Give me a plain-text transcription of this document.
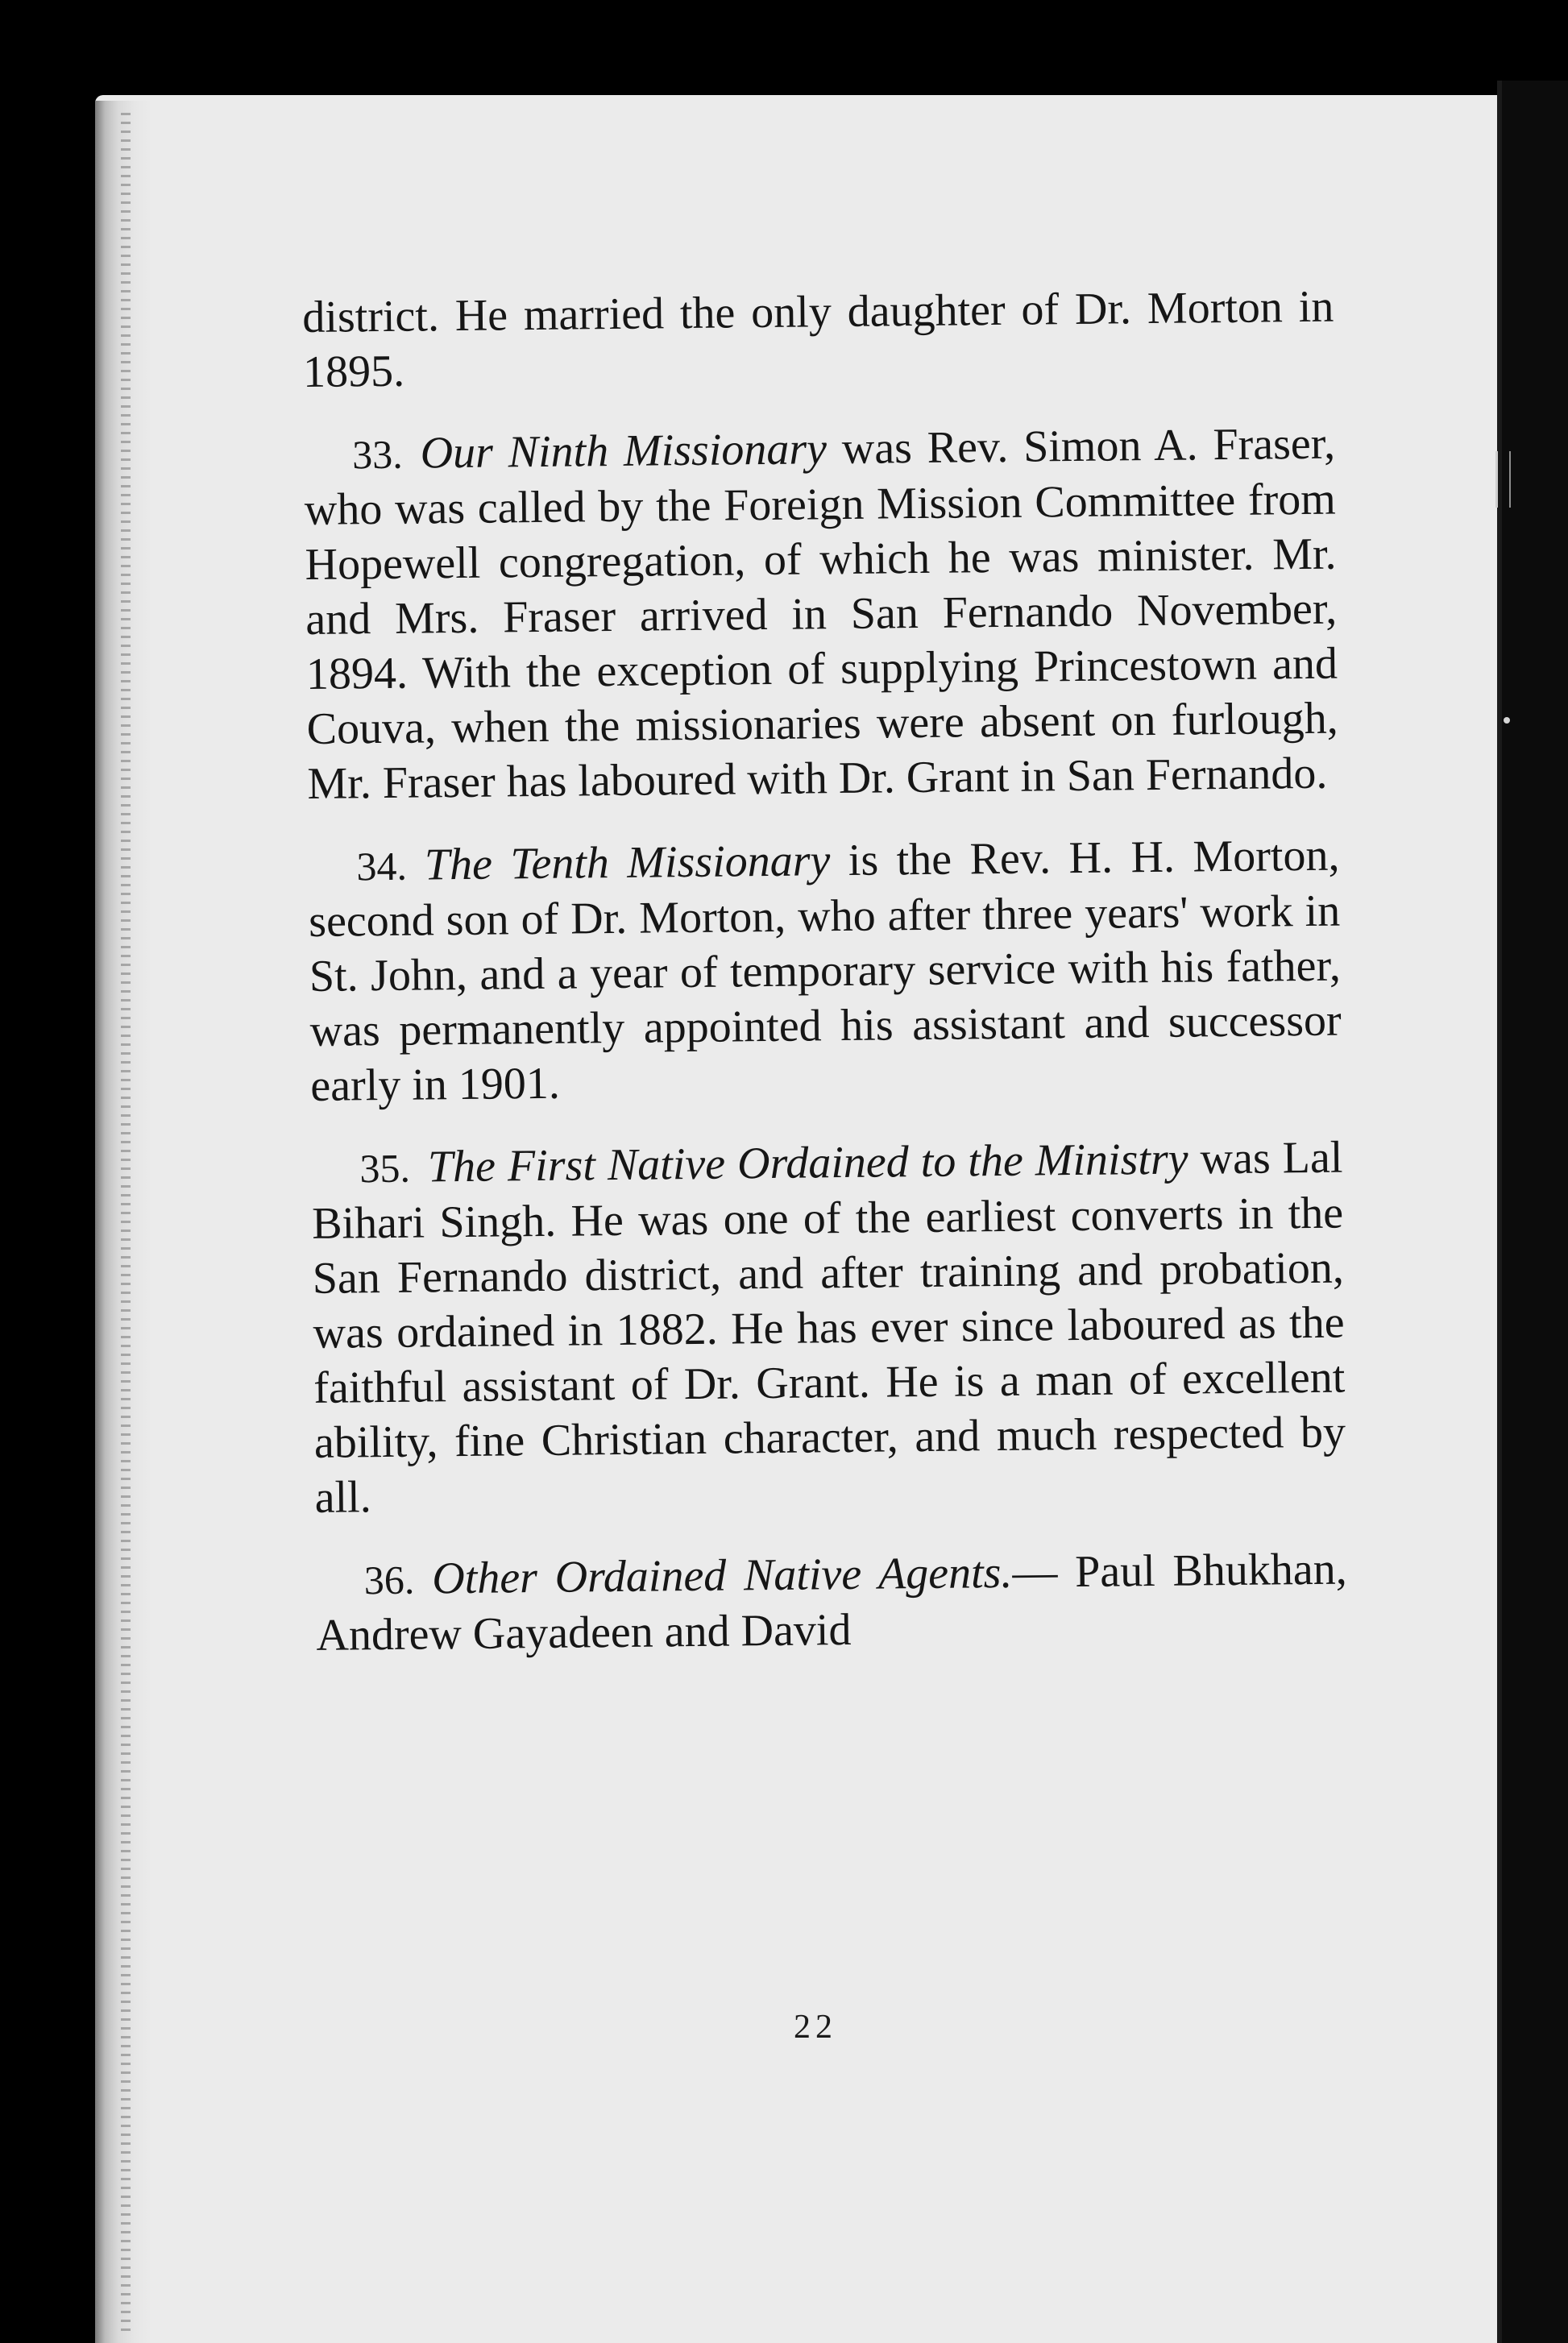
district. He married the only daughter of Dr. Morton in 1895.

33. Our Ninth Missionary was Rev. Simon A. Fraser, who was called by the Foreign Mission Committee from Hopewell congregation, of which he was minister. Mr. and Mrs. Fraser arrived in San Fernando November, 1894. With the exception of supplying Princestown and Couva, when the missionaries were absent on furlough, Mr. Fraser has laboured with Dr. Grant in San Fernando.

34. The Tenth Missionary is the Rev. H. H. Morton, second son of Dr. Morton, who after three years' work in St. John, and a year of temporary service with his father, was permanently appointed his assistant and successor early in 1901.

35. The First Native Ordained to the Ministry was Lal Bihari Singh. He was one of the earliest converts in the San Fernando district, and after training and probation, was ordained in 1882. He has ever since laboured as the faithful assistant of Dr. Grant. He is a man of excellent ability, fine Christian character, and much respected by all.

36. Other Ordained Native Agents.— Paul Bhukhan, Andrew Gayadeen and David

22
